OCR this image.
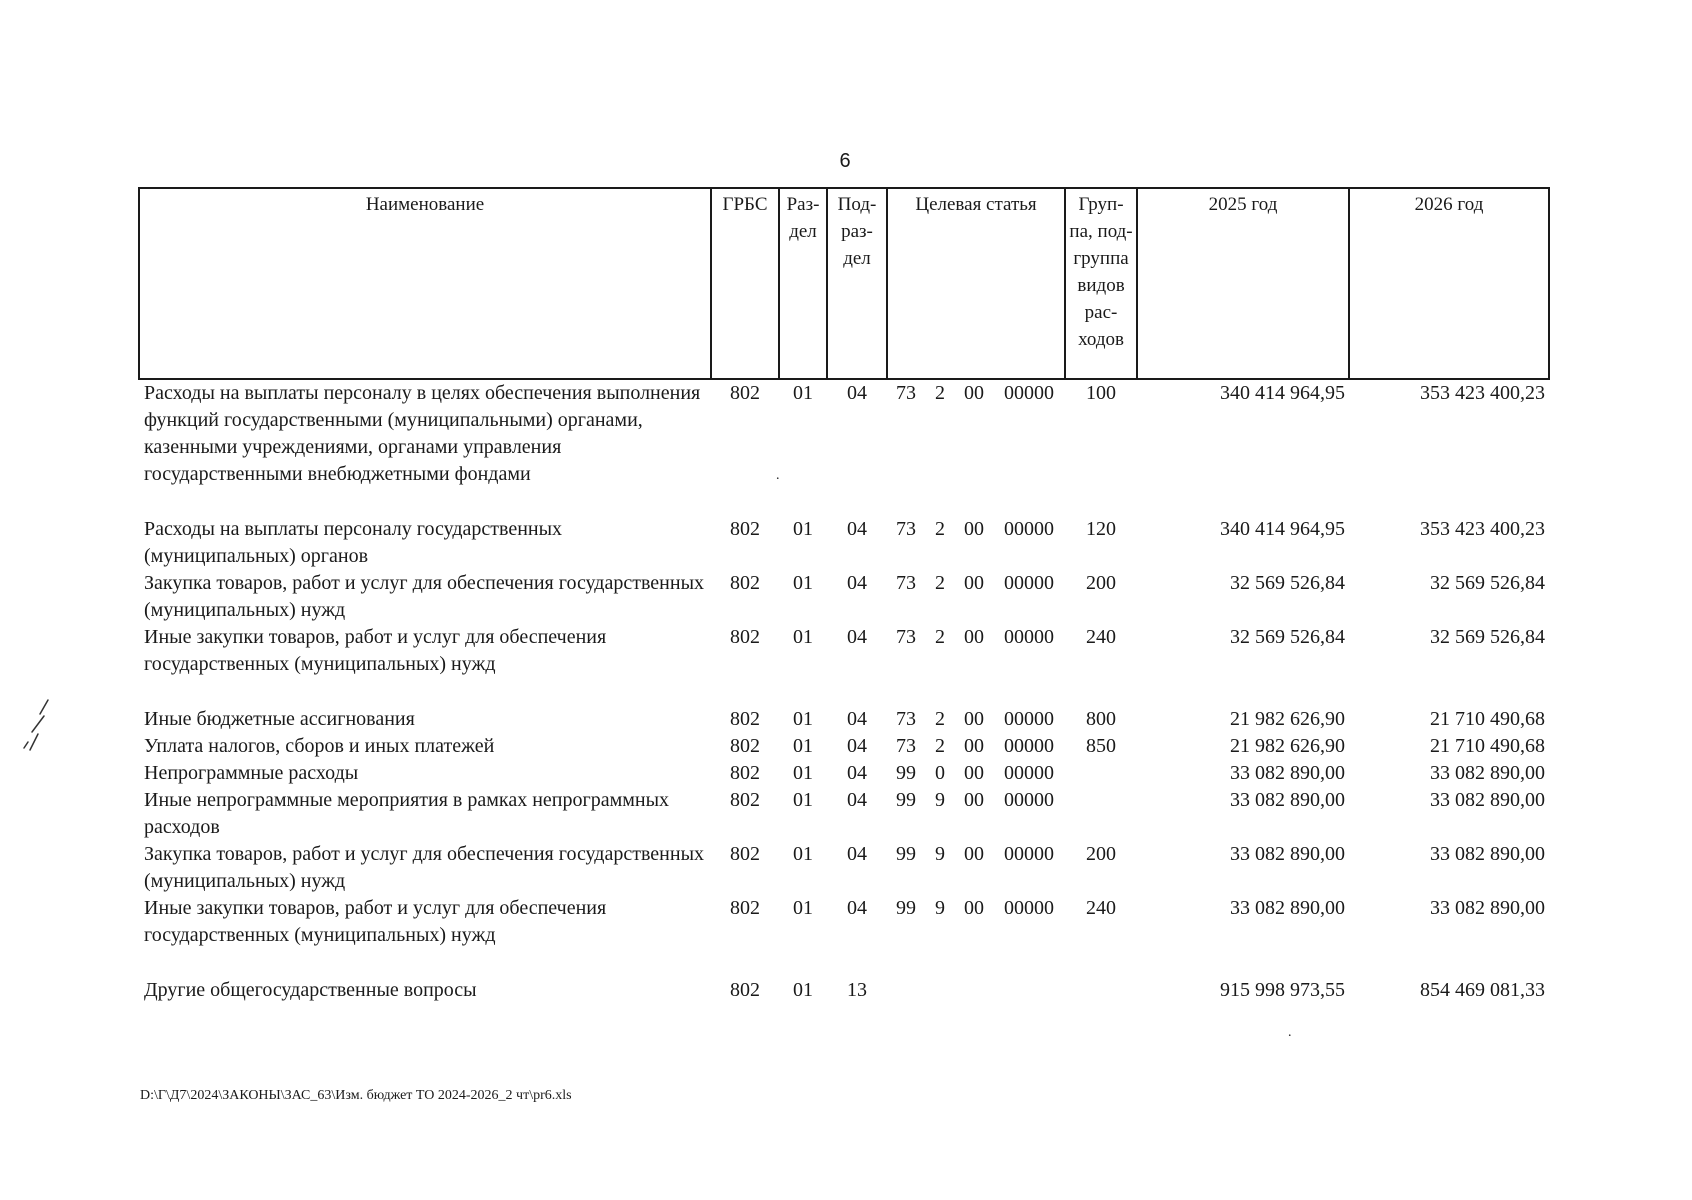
6
Наименование	ГРБС	Раз-дел	Под-раз-дел	Целевая статья				Груп-па, под-группа видов рас-ходов	2025 год	2026 год
Расходы на выплаты персоналу в целях обеспечения выполнения функций государственными (муниципальными) органами, казенными учреждениями, органами управления государственными внебюджетными фондами	802	01	04	73	2	00	00000	100	340 414 964,95	353 423 400,23
Расходы на выплаты персоналу государственных (муниципальных) органов	802	01	04	73	2	00	00000	120	340 414 964,95	353 423 400,23
Закупка товаров, работ и услуг для обеспечения государственных (муниципальных) нужд	802	01	04	73	2	00	00000	200	32 569 526,84	32 569 526,84
Иные закупки товаров, работ и услуг для обеспечения государственных (муниципальных) нужд	802	01	04	73	2	00	00000	240	32 569 526,84	32 569 526,84
Иные бюджетные ассигнования	802	01	04	73	2	00	00000	800	21 982 626,90	21 710 490,68
Уплата налогов, сборов и иных платежей	802	01	04	73	2	00	00000	850	21 982 626,90	21 710 490,68
Непрограммные расходы	802	01	04	99	0	00	00000		33 082 890,00	33 082 890,00
Иные непрограммные мероприятия в рамках непрограммных расходов	802	01	04	99	9	00	00000		33 082 890,00	33 082 890,00
Закупка товаров, работ и услуг для обеспечения государственных (муниципальных) нужд	802	01	04	99	9	00	00000	200	33 082 890,00	33 082 890,00
Иные закупки товаров, работ и услуг для обеспечения государственных (муниципальных) нужд	802	01	04	99	9	00	00000	240	33 082 890,00	33 082 890,00
Другие общегосударственные вопросы	802	01	13						915 998 973,55	854 469 081,33
.
.
D:\Г\Д7\2024\ЗАКОНЫ\ЗАС_63\Изм. бюджет ТО 2024-2026_2 чт\pr6.xls
